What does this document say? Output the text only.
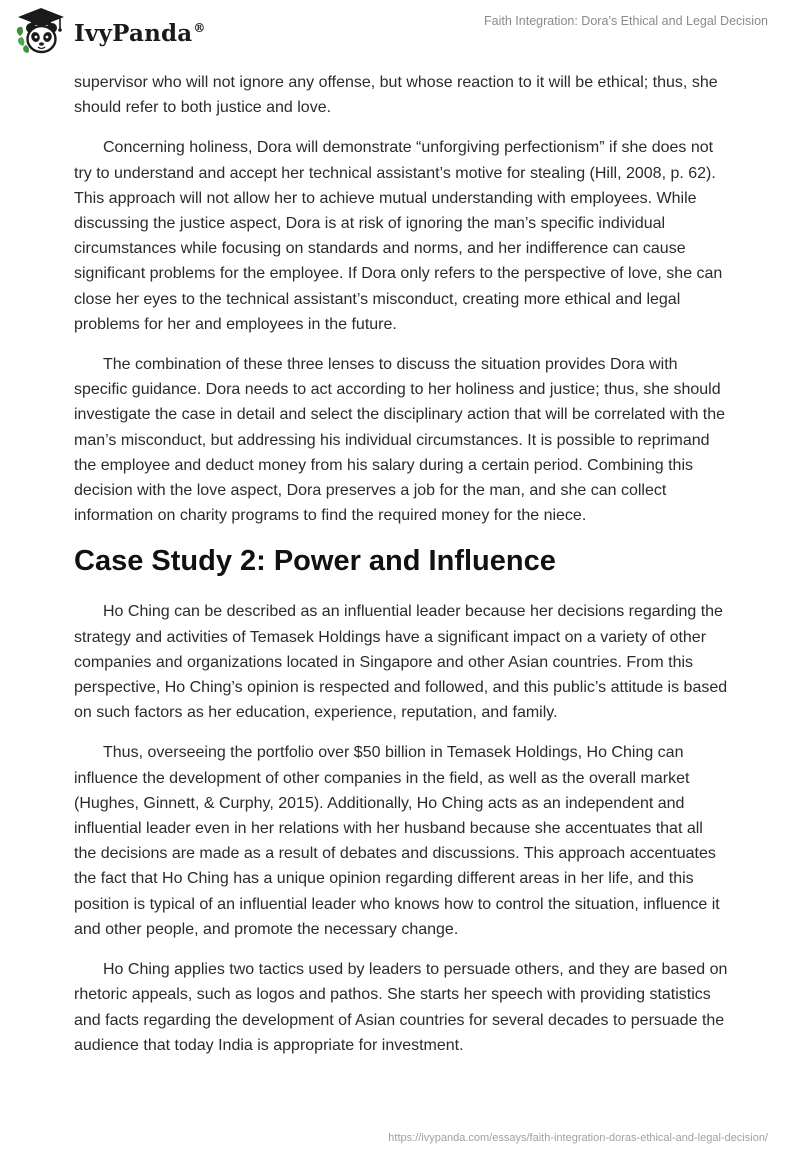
IvyPanda®	Faith Integration: Dora’s Ethical and Legal Decision

supervisor who will not ignore any offense, but whose reaction to it will be ethical; thus, she should refer to both justice and love.

Concerning holiness, Dora will demonstrate “unforgiving perfectionism” if she does not try to understand and accept her technical assistant’s motive for stealing (Hill, 2008, p. 62). This approach will not allow her to achieve mutual understanding with employees. While discussing the justice aspect, Dora is at risk of ignoring the man’s specific individual circumstances while focusing on standards and norms, and her indifference can cause significant problems for the employee. If Dora only refers to the perspective of love, she can close her eyes to the technical assistant’s misconduct, creating more ethical and legal problems for her and employees in the future.

The combination of these three lenses to discuss the situation provides Dora with specific guidance. Dora needs to act according to her holiness and justice; thus, she should investigate the case in detail and select the disciplinary action that will be correlated with the man’s misconduct, but addressing his individual circumstances. It is possible to reprimand the employee and deduct money from his salary during a certain period. Combining this decision with the love aspect, Dora preserves a job for the man, and she can collect information on charity programs to find the required money for the niece.

Case Study 2: Power and Influence

Ho Ching can be described as an influential leader because her decisions regarding the strategy and activities of Temasek Holdings have a significant impact on a variety of other companies and organizations located in Singapore and other Asian countries. From this perspective, Ho Ching’s opinion is respected and followed, and this public’s attitude is based on such factors as her education, experience, reputation, and family.

Thus, overseeing the portfolio over $50 billion in Temasek Holdings, Ho Ching can influence the development of other companies in the field, as well as the overall market (Hughes, Ginnett, & Curphy, 2015). Additionally, Ho Ching acts as an independent and influential leader even in her relations with her husband because she accentuates that all the decisions are made as a result of debates and discussions. This approach accentuates the fact that Ho Ching has a unique opinion regarding different areas in her life, and this position is typical of an influential leader who knows how to control the situation, influence it and other people, and promote the necessary change.

Ho Ching applies two tactics used by leaders to persuade others, and they are based on rhetoric appeals, such as logos and pathos. She starts her speech with providing statistics and facts regarding the development of Asian countries for several decades to persuade the audience that today India is appropriate for investment.

https://ivypanda.com/essays/faith-integration-doras-ethical-and-legal-decision/
